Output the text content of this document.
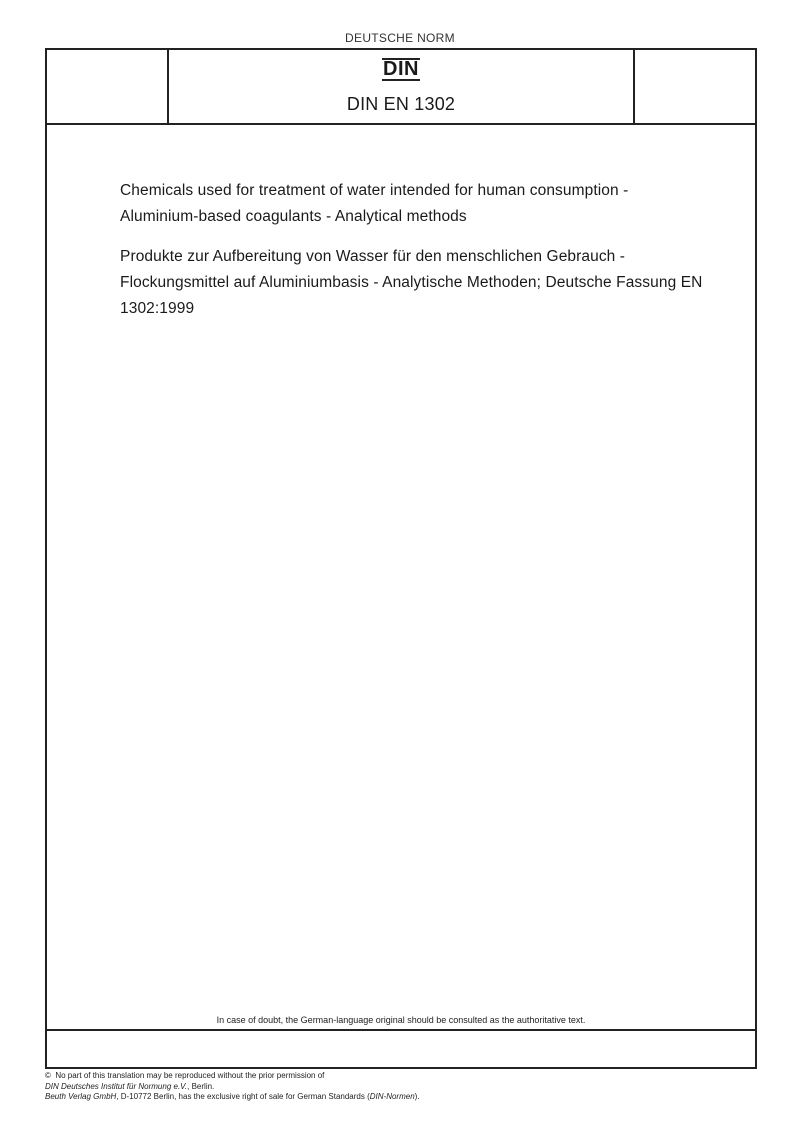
DEUTSCHE NORM
DIN
DIN EN 1302

Chemicals used for treatment of water intended for human consumption - Aluminium-based coagulants - Analytical methods

Produkte zur Aufbereitung von Wasser für den menschlichen Gebrauch - Flockungsmittel auf Aluminiumbasis - Analytische Methoden; Deutsche Fassung EN 1302:1999

In case of doubt, the German-language original should be consulted as the authoritative text.
© No part of this translation may be reproduced without the prior permission of
DIN Deutsches Institut für Normung e.V., Berlin.
Beuth Verlag GmbH, D-10772 Berlin, has the exclusive right of sale for German Standards (DIN-Normen).
